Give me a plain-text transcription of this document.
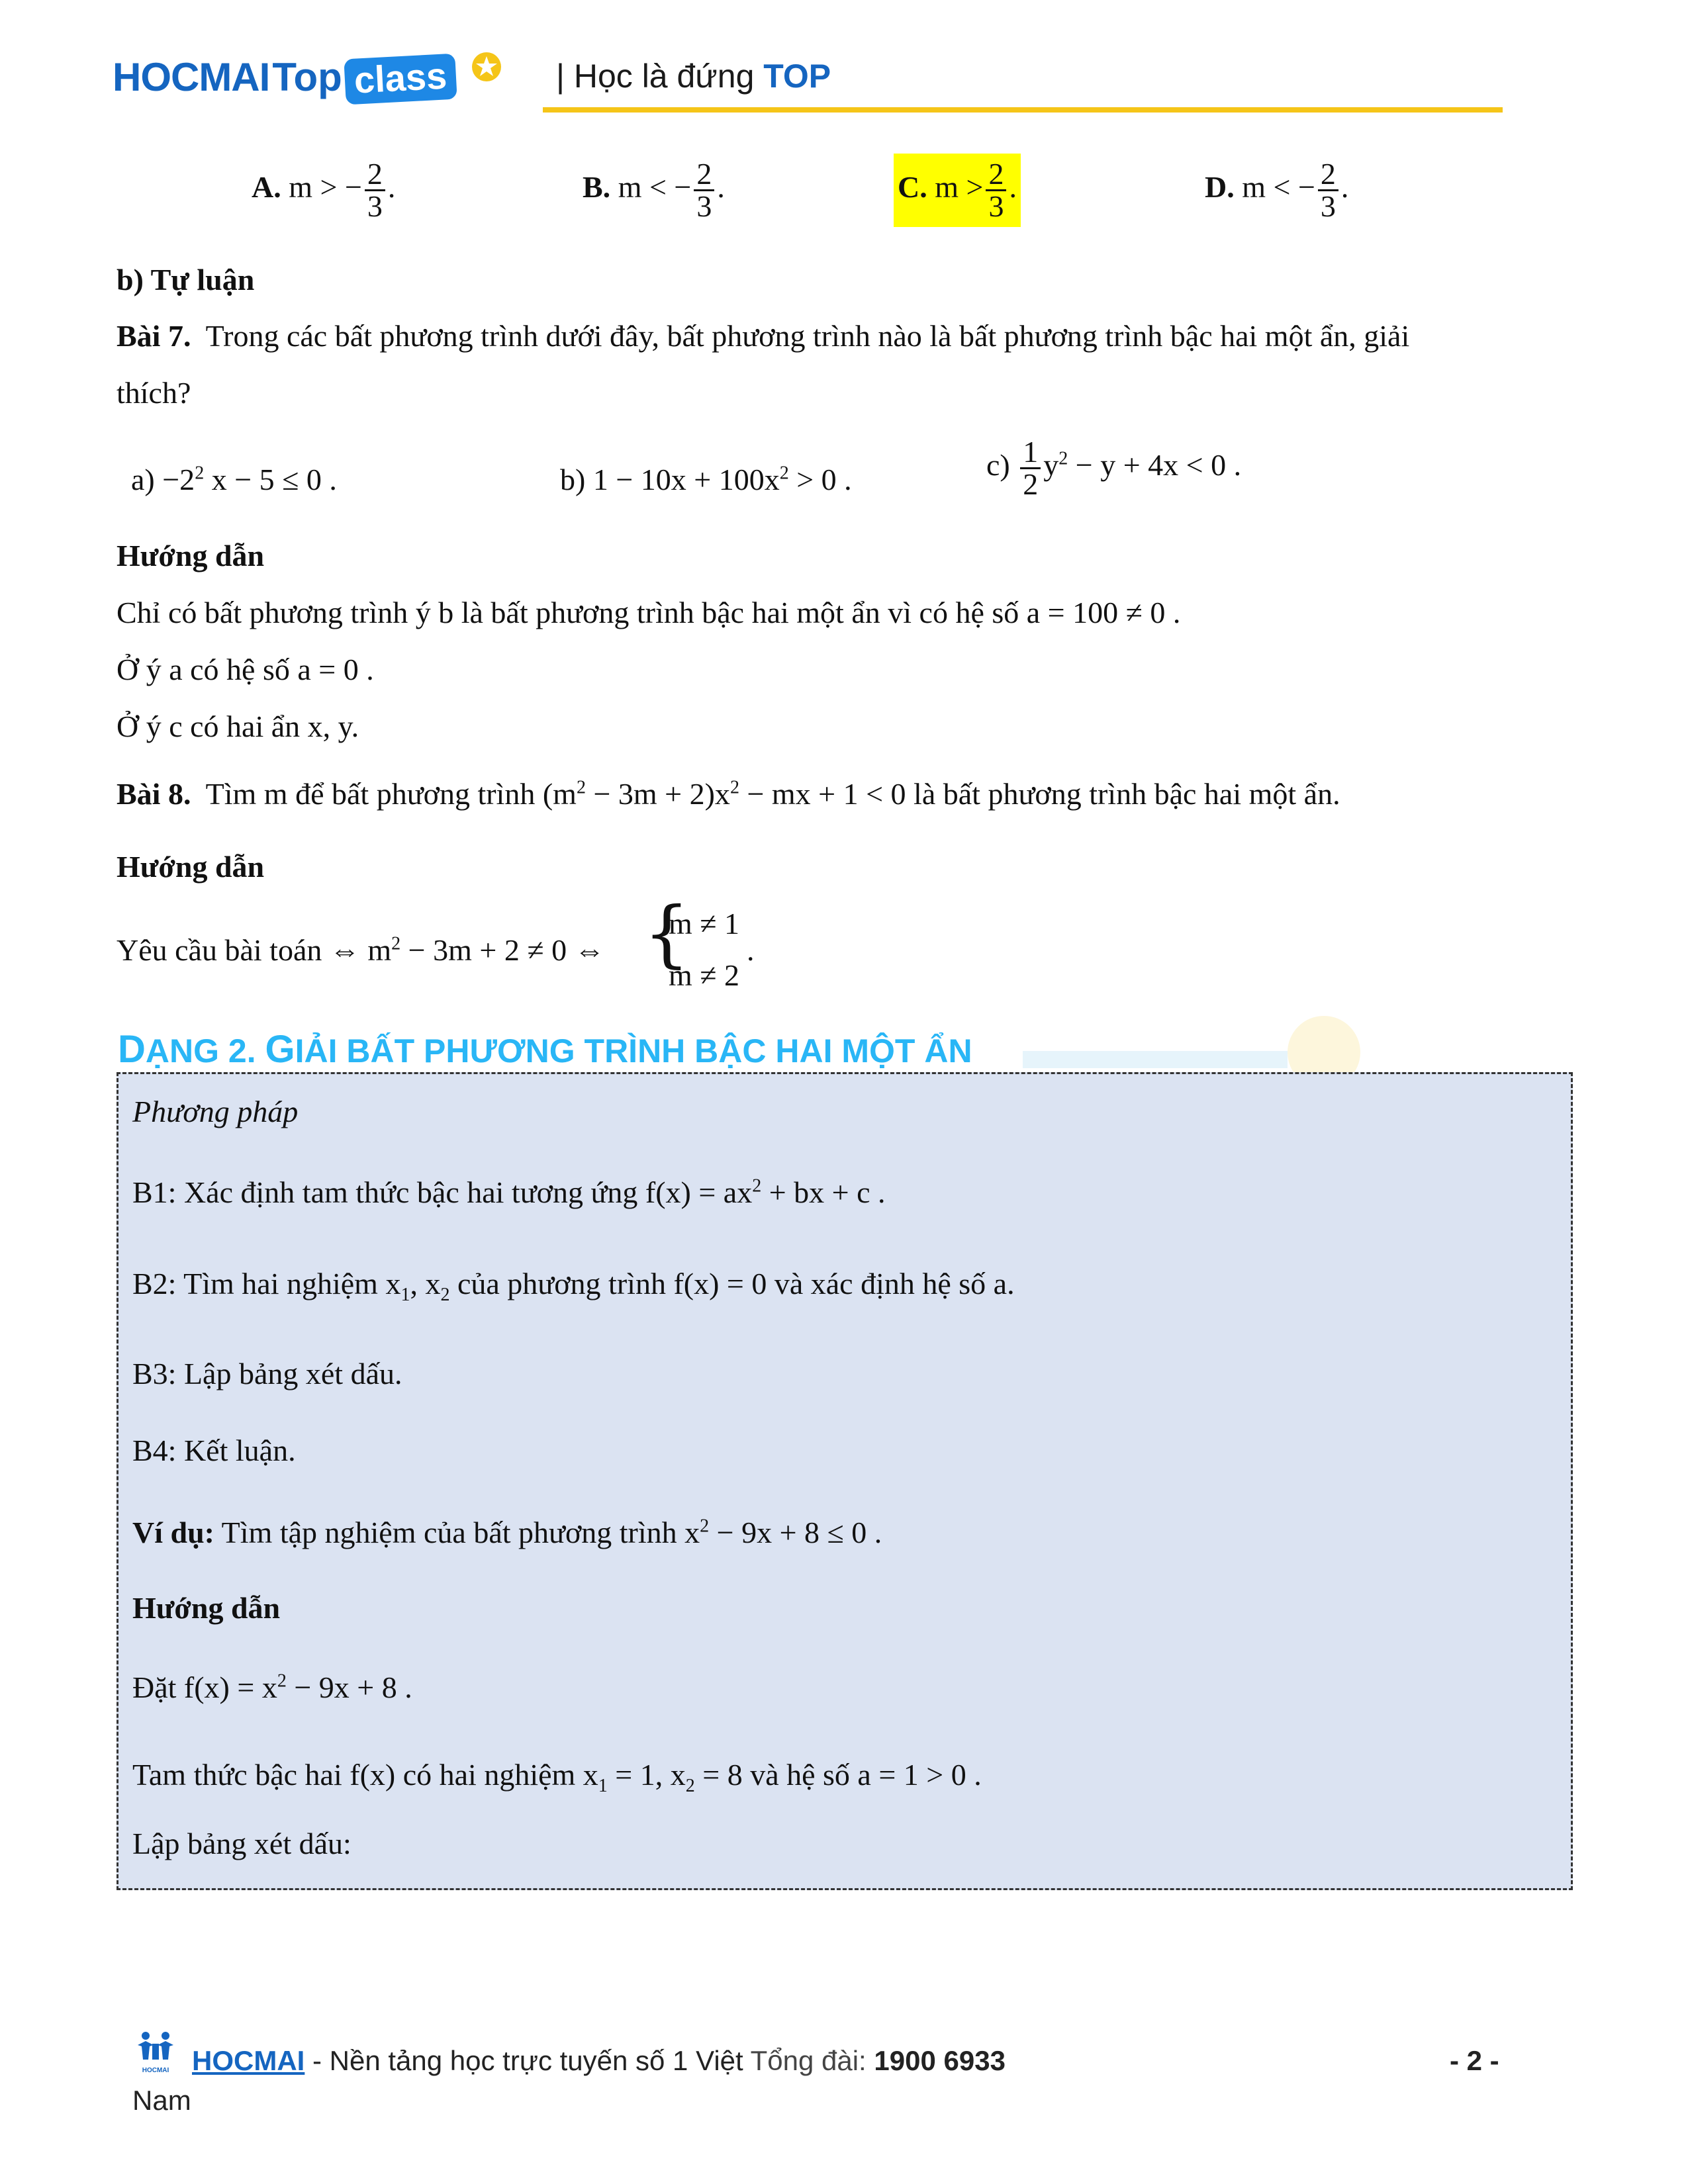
HOCMAI Top class	| Học là đứng TOP
A. m > − $\frac{2}{3}$ .	B. m < − $\frac{2}{3}$ .	C. $m > \frac{2}{3}$ .	D. m < − $\frac{2}{3}$ .
b) Tự luận
Bài 7. Trong các bất phương trình dưới đây, bất phương trình nào là bất phương trình bậc hai một ẩn, giải
thích?
$a) -2^2$ x − 5 ≤ 0 .	b) $1 - 10x + 100x^2 > 0$ .	$c) \frac{1}{2} y^2 - y + 4x < 0$ .
Hướng dẫn
Chỉ có bất phương trình ý b là bất phương trình bậc hai một ẩn vì có hệ số a = 100 ≠ 0 .
Ở ý a có hệ số a = 0 .
Ở ý c có hai ẩn x, y.
Bài 8. Tìm m để bất phương trình $(m^2 - 3m + 2)x^2$ − mx + 1 < 0 là bất phương trình bậc hai một ẩn.
Hướng dẫn
Yêu cầu bài toán ⇔ $m^2 - 3m + 2 \ne 0$ ⇔ {
m ≠ 1
m ≠ 2
.
DẠNG 2. GIẢI BẤT PHƯƠNG TRÌNH BẬC HAI MỘT ẨN
Phương pháp
B1: Xác định tam thức bậc hai tương ứng $f(x) = ax^2$ + bx + c .
B2: Tìm hai nghiệm $x_1$, $x_2$ của phương trình f(x) = 0 và xác định hệ số a.
B3: Lập bảng xét dấu.
B4: Kết luận.
Ví dụ: Tìm tập nghiệm của bất phương trình $x^2 - 9x + 8 \le 0$ .
Hướng dẫn
Đặt $f(x) = x^2 - 9x + 8$ .
Tam thức bậc hai f(x) có hai nghiệm $x_1 = 1$, $x_2 = 8$ và hệ số a = 1 > 0 .
Lập bảng xét dấu:
HOCMAI HOCMAI - Nền tảng học trực tuyến số 1 Việt Tổng đài: 1900 6933	- 2 -
Nam
